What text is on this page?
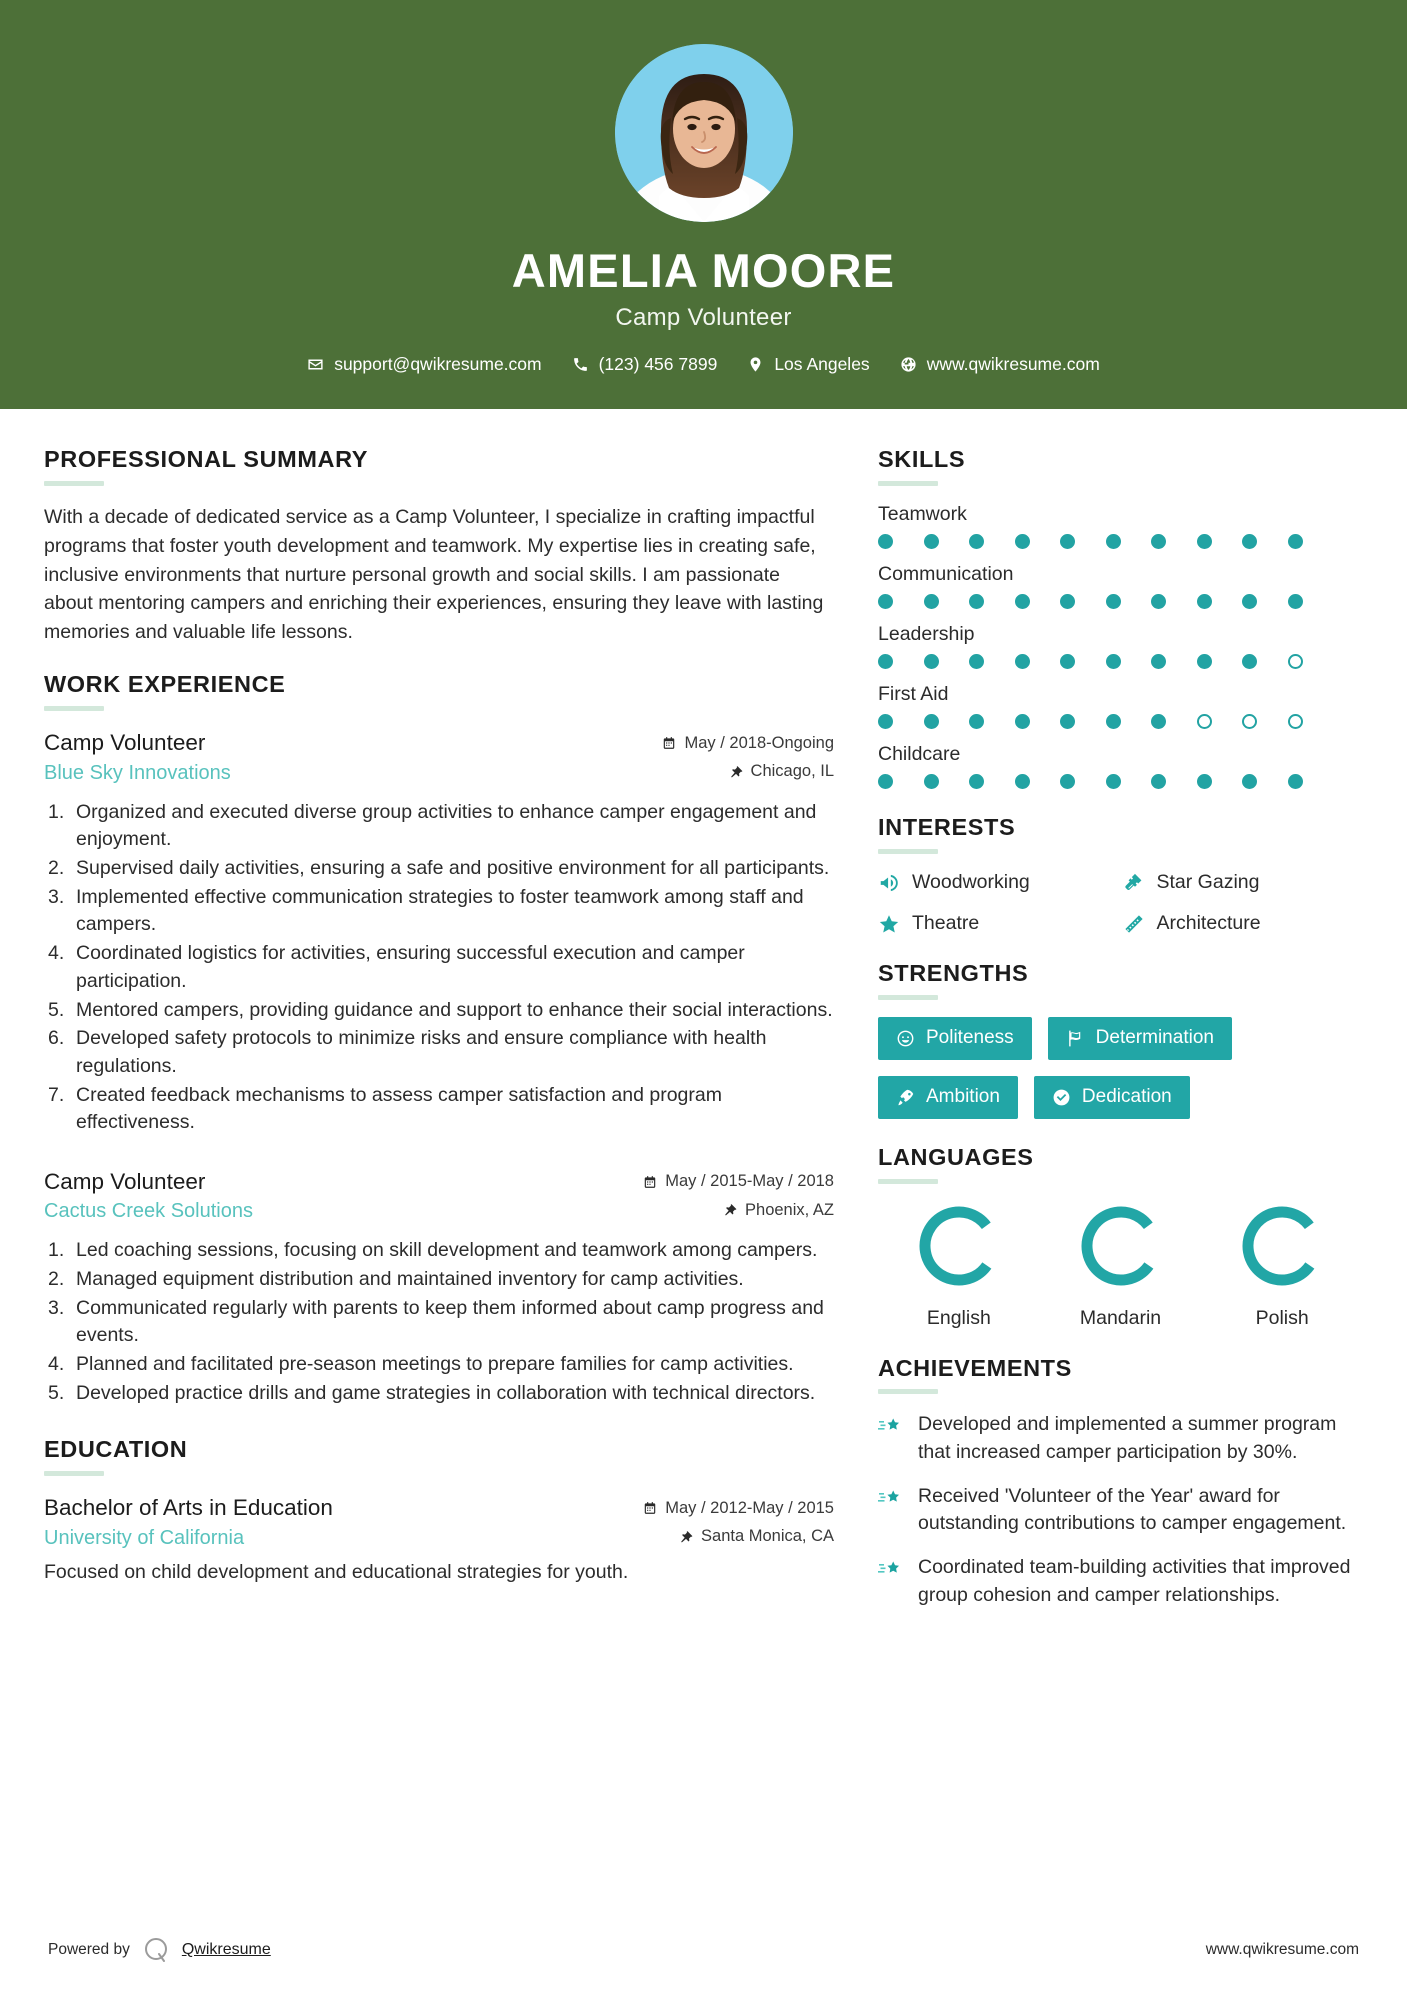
AMELIA MOORE
Camp Volunteer
support@qwikresume.com	(123) 456 7899	Los Angeles	www.qwikresume.com
PROFESSIONAL SUMMARY
With a decade of dedicated service as a Camp Volunteer, I specialize in crafting impactful programs that foster youth development and teamwork. My expertise lies in creating safe, inclusive environments that nurture personal growth and social skills. I am passionate about mentoring campers and enriching their experiences, ensuring they leave with lasting memories and valuable life lessons.
WORK EXPERIENCE
Camp Volunteer	May / 2018-Ongoing
Blue Sky Innovations	Chicago, IL
Organized and executed diverse group activities to enhance camper engagement and enjoyment.
Supervised daily activities, ensuring a safe and positive environment for all participants.
Implemented effective communication strategies to foster teamwork among staff and campers.
Coordinated logistics for activities, ensuring successful execution and camper participation.
Mentored campers, providing guidance and support to enhance their social interactions.
Developed safety protocols to minimize risks and ensure compliance with health regulations.
Created feedback mechanisms to assess camper satisfaction and program effectiveness.
Camp Volunteer	May / 2015-May / 2018
Cactus Creek Solutions	Phoenix, AZ
Led coaching sessions, focusing on skill development and teamwork among campers.
Managed equipment distribution and maintained inventory for camp activities.
Communicated regularly with parents to keep them informed about camp progress and events.
Planned and facilitated pre-season meetings to prepare families for camp activities.
Developed practice drills and game strategies in collaboration with technical directors.
EDUCATION
Bachelor of Arts in Education	May / 2012-May / 2015
University of California	Santa Monica, CA
Focused on child development and educational strategies for youth.
SKILLS
Teamwork
Communication
Leadership
First Aid
Childcare
INTERESTS
Woodworking	Star Gazing
Theatre	Architecture
STRENGTHS
Politeness	Determination
Ambition	Dedication
LANGUAGES
English	Mandarin	Polish
ACHIEVEMENTS
Developed and implemented a summer program that increased camper participation by 30%.
Received 'Volunteer of the Year' award for outstanding contributions to camper engagement.
Coordinated team-building activities that improved group cohesion and camper relationships.
Powered by	Qwikresume	www.qwikresume.com
